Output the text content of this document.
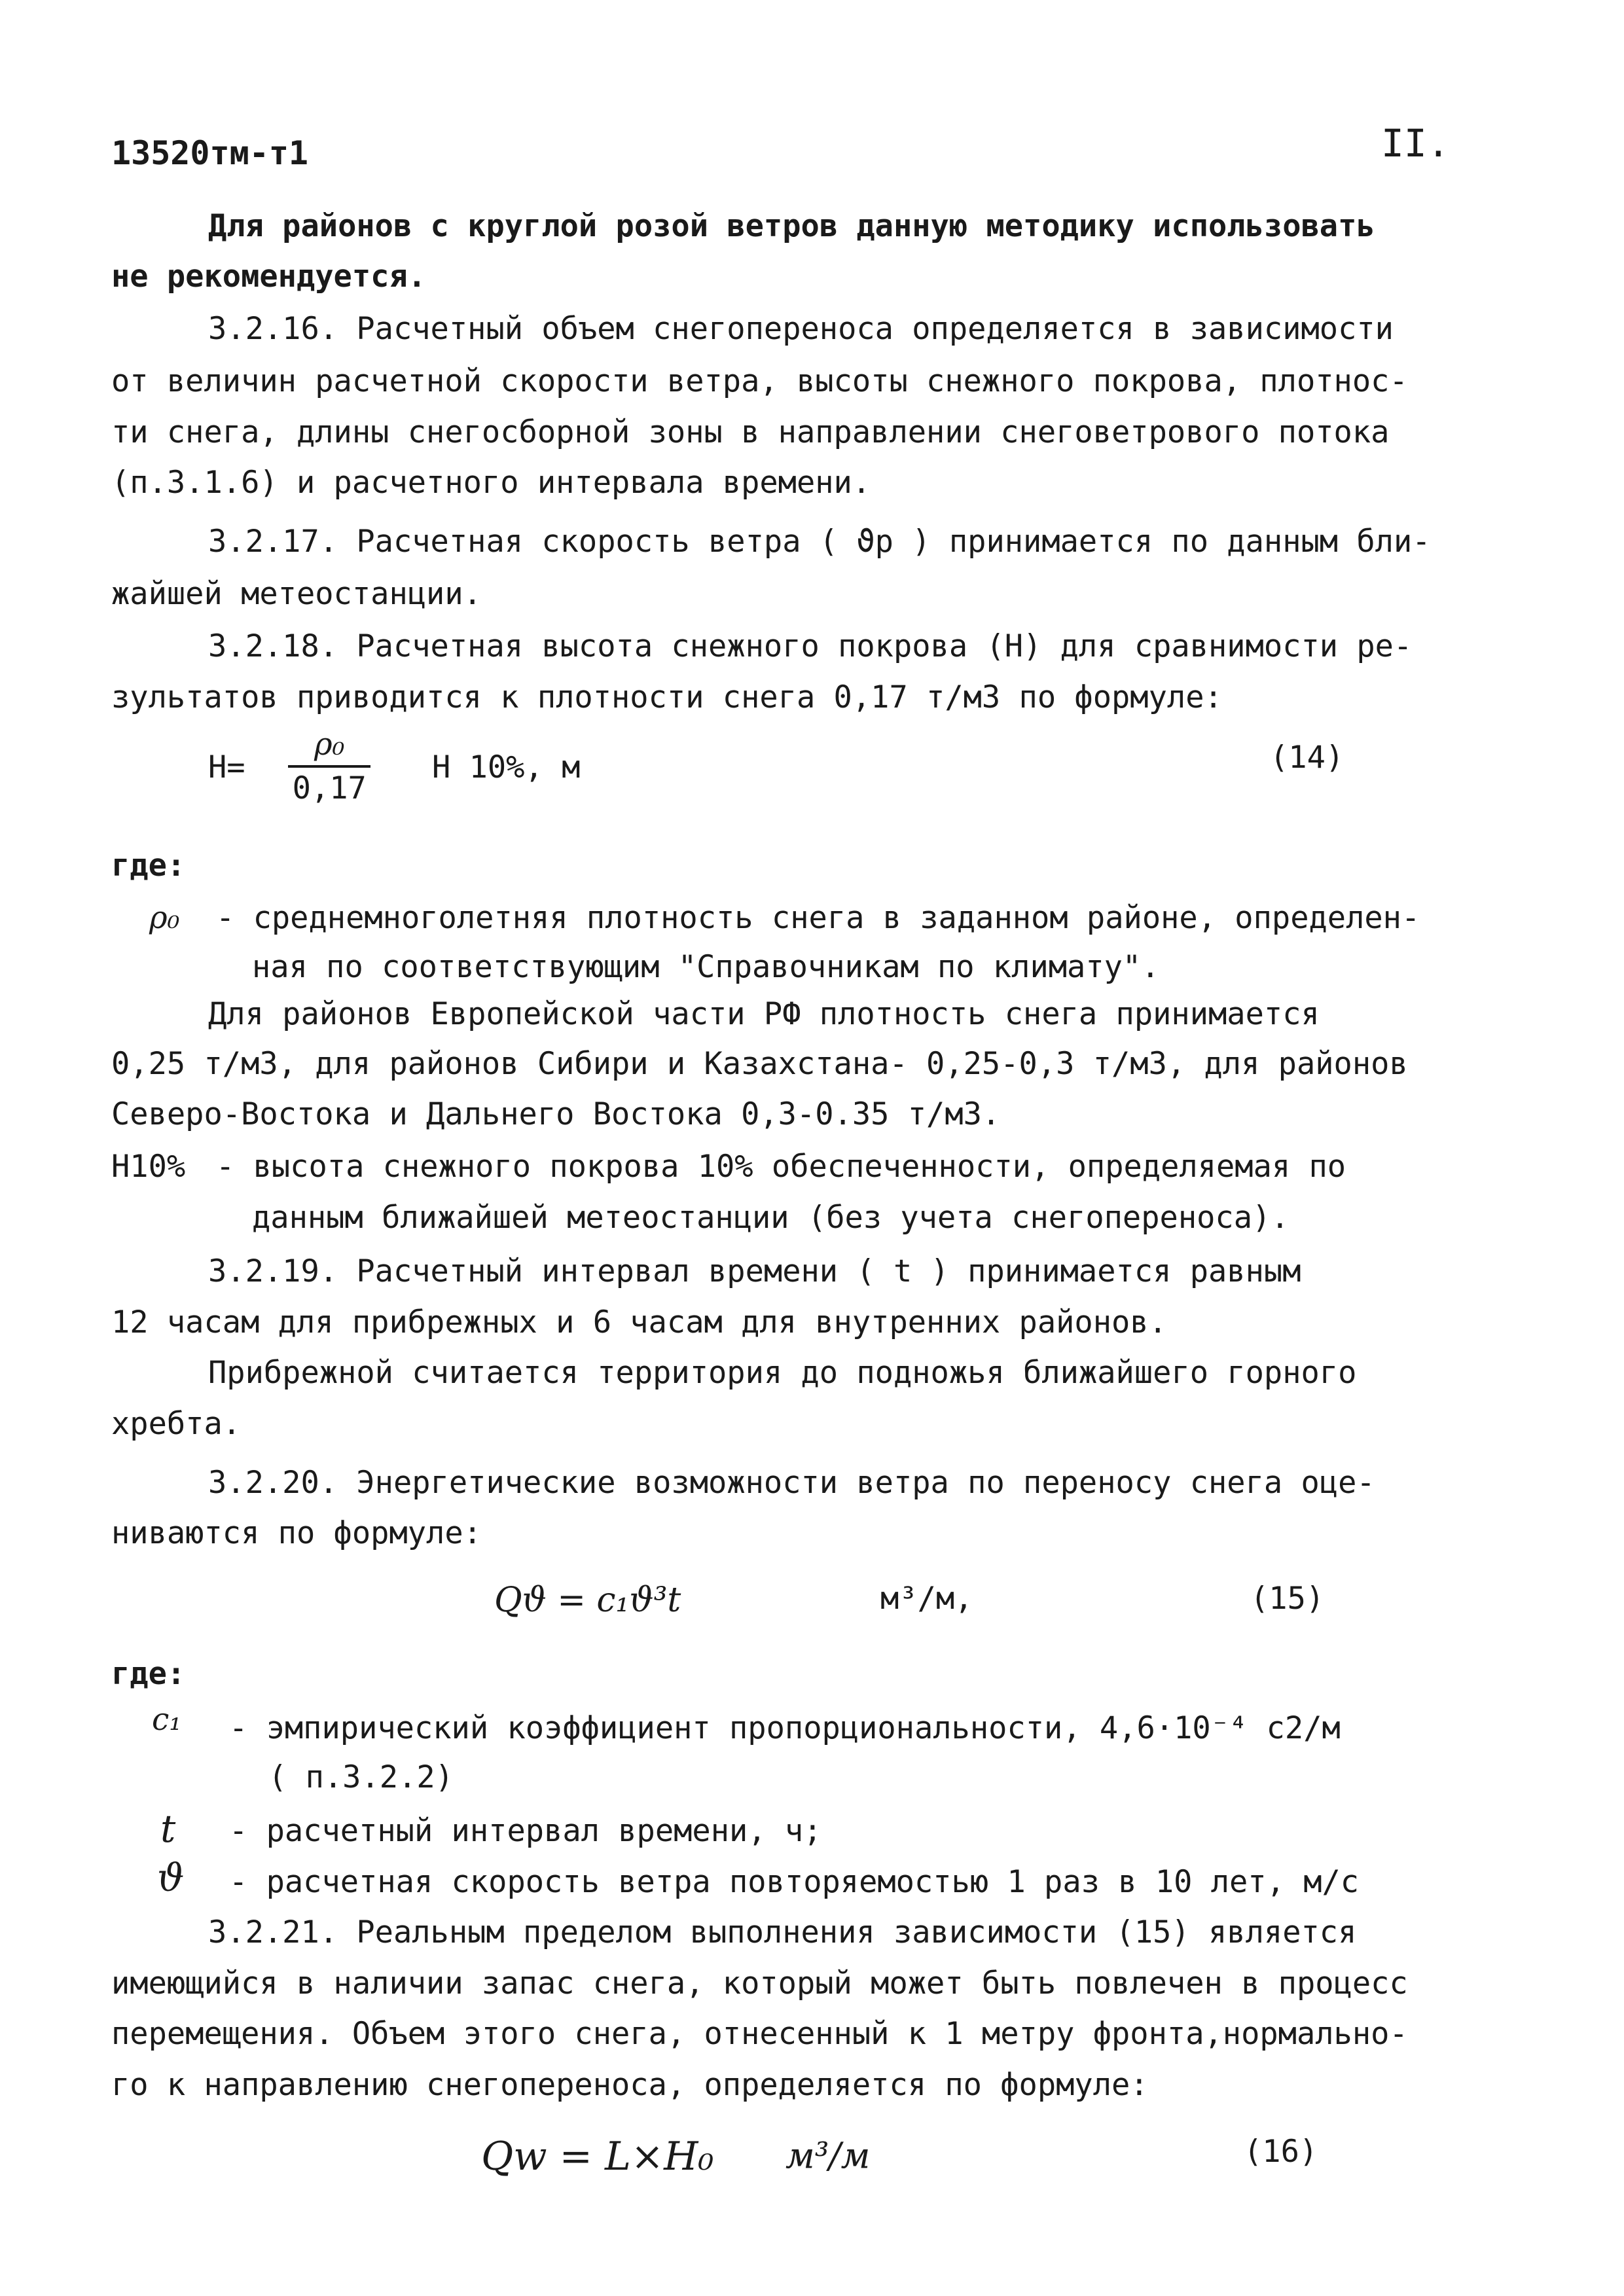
13520тм-т1	II.
Для районов с круглой розой ветров данную методику использовать
не рекомендуется.
3.2.16. Расчетный объем снегопереноса определяется в зависимости
от величин расчетной скорости ветра, высоты снежного покрова, плотнос-
ти снега, длины снегосборной зоны в направлении снеговетрового потока
(п.3.1.6) и расчетного интервала времени.
3.2.17. Расчетная скорость ветра ( ϑр ) принимается по данным бли-
жайшей метеостанции.
3.2.18. Расчетная высота снежного покрова (Н) для сравнимости ре-
зультатов приводится к плотности снега 0,17 т/м3 по формуле:
$Н= \frac{\text{ρ₀}}{0,17}$ Н 10%, м	(14)
где:
ρ₀ - среднемноголетняя плотность снега в заданном районе, определен-
ная по соответствующим "Справочникам по климату".
Для районов Европейской части РФ плотность снега принимается
0,25 т/м3, для районов Сибири и Казахстана- 0,25-0,3 т/м3, для районов
Северо-Востока и Дальнего Востока 0,3-0.35 т/м3.
Н10% - высота снежного покрова 10% обеспеченности, определяемая по
данным ближайшей метеостанции (без учета снегопереноса).
3.2.19. Расчетный интервал времени ( t ) принимается равным
12 часам для прибрежных и 6 часам для внутренних районов.
Прибрежной считается территория до подножья ближайшего горного
хребта.
3.2.20. Энергетические возможности ветра по переносу снега оце-
ниваются по формуле:
Qϑ = c₁ϑ³t	м³/м,	(15)
где:
c₁ - эмпирический коэффициент пропорциональности, 4,6·10⁻⁴ с2/м
( п.3.2.2)
t - расчетный интервал времени, ч;
ϑ - расчетная скорость ветра повторяемостью 1 раз в 10 лет, м/с
3.2.21. Реальным пределом выполнения зависимости (15) является
имеющийся в наличии запас снега, который может быть повлечен в процесс
перемещения. Объем этого снега, отнесенный к 1 метру фронта,нормально-
го к направлению снегопереноса, определяется по формуле:
Qw = L×H₀ м³/м	(16)
